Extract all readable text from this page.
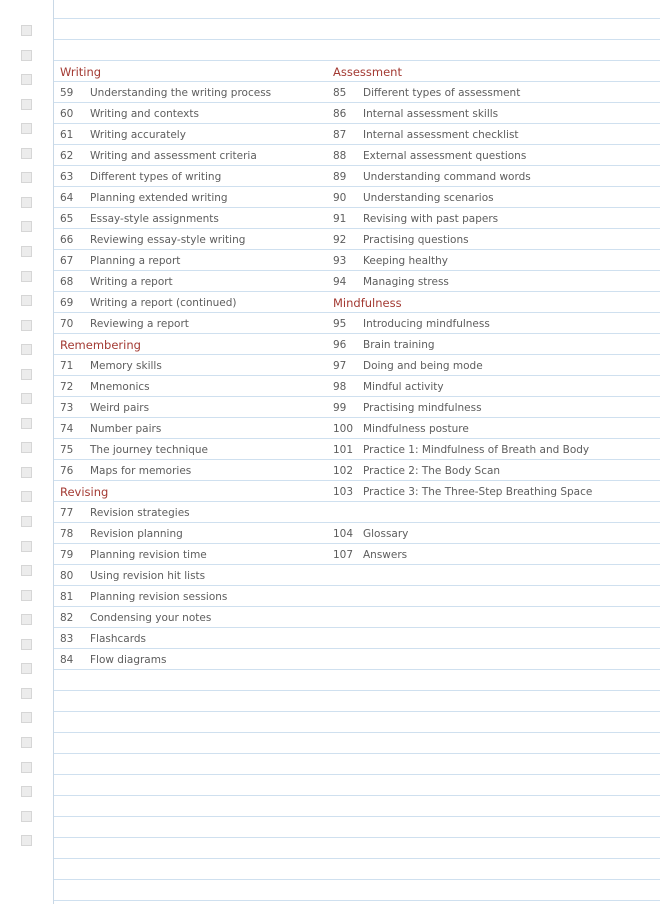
Writing
59	Understanding the writing process
60	Writing and contexts
61	Writing accurately
62	Writing and assessment criteria
63	Different types of writing
64	Planning extended writing
65	Essay-style assignments
66	Reviewing essay-style writing
67	Planning a report
68	Writing a report
69	Writing a report (continued)
70	Reviewing a report
Remembering
71	Memory skills
72	Mnemonics
73	Weird pairs
74	Number pairs
75	The journey technique
76	Maps for memories
Revising
77	Revision strategies
78	Revision planning
79	Planning revision time
80	Using revision hit lists
81	Planning revision sessions
82	Condensing your notes
83	Flashcards
84	Flow diagrams
Assessment
85	Different types of assessment
86	Internal assessment skills
87	Internal assessment checklist
88	External assessment questions
89	Understanding command words
90	Understanding scenarios
91	Revising with past papers
92	Practising questions
93	Keeping healthy
94	Managing stress
Mindfulness
95	Introducing mindfulness
96	Brain training
97	Doing and being mode
98	Mindful activity
99	Practising mindfulness
100 Mindfulness posture
101 Practice 1: Mindfulness of Breath and Body
102 Practice 2: The Body Scan
103 Practice 3: The Three-Step Breathing Space
104 Glossary
107 Answers
